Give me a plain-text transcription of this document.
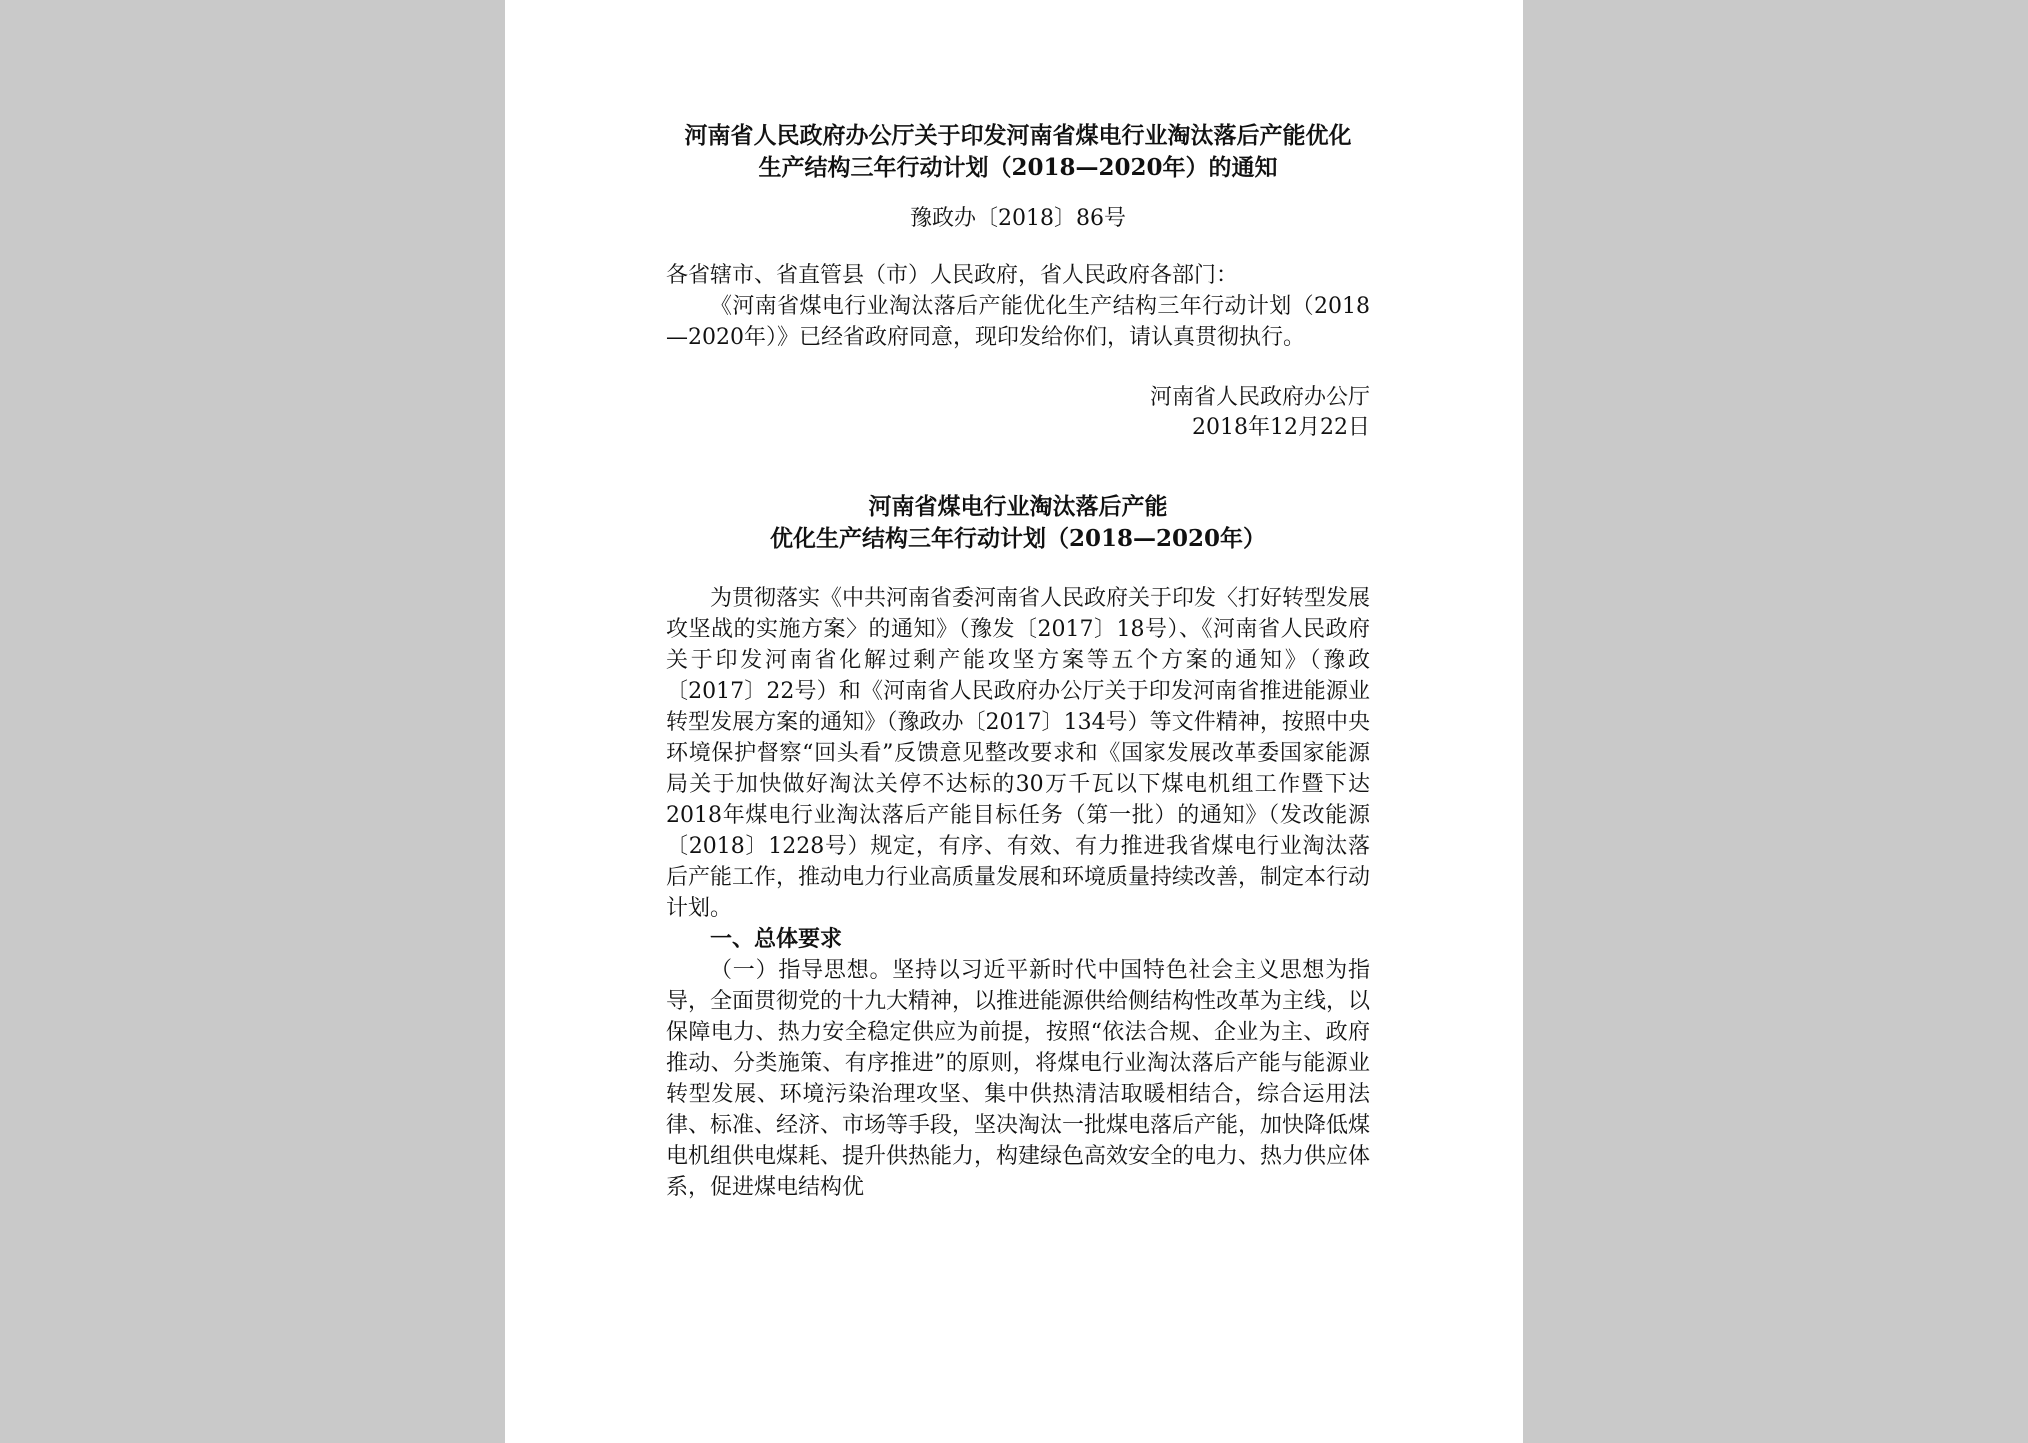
河南省人民政府办公厅关于印发河南省煤电行业淘汰落后产能优化

生产结构三年行动计划（2018—2020年）的通知

豫政办〔2018〕86号

各省辖市、省直管县（市）人民政府，省人民政府各部门：

《河南省煤电行业淘汰落后产能优化生产结构三年行动计划（2018—2020年）》已经省政府同意，现印发给你们，请认真贯彻执行。

河南省人民政府办公厅
2018年12月22日
河南省煤电行业淘汰落后产能
优化生产结构三年行动计划（2018—2020年）

为贯彻落实《中共河南省委河南省人民政府关于印发〈打好转型发展攻坚战的实施方案〉的通知》（豫发〔2017〕18号）、《河南省人民政府关于印发河南省化解过剩产能攻坚方案等五个方案的通知》（豫政〔2017〕22号）和《河南省人民政府办公厅关于印发河南省推进能源业转型发展方案的通知》（豫政办〔2017〕134号）等文件精神，按照中央环境保护督察“回头看”反馈意见整改要求和《国家发展改革委国家能源局关于加快做好淘汰关停不达标的30万千瓦以下煤电机组工作暨下达2018年煤电行业淘汰落后产能目标任务（第一批）的通知》（发改能源〔2018〕1228号）规定，有序、有效、有力推进我省煤电行业淘汰落后产能工作，推动电力行业高质量发展和环境质量持续改善，制定本行动计划。

一、总体要求

（一）指导思想。坚持以习近平新时代中国特色社会主义思想为指导，全面贯彻党的十九大精神，以推进能源供给侧结构性改革为主线，以保障电力、热力安全稳定供应为前提，按照“依法合规、企业为主、政府推动、分类施策、有序推进”的原则，将煤电行业淘汰落后产能与能源业转型发展、环境污染治理攻坚、集中供热清洁取暖相结合，综合运用法律、标准、经济、市场等手段，坚决淘汰一批煤电落后产能，加快降低煤电机组供电煤耗、提升供热能力，构建绿色高效安全的电力、热力供应体系，促进煤电结构优
